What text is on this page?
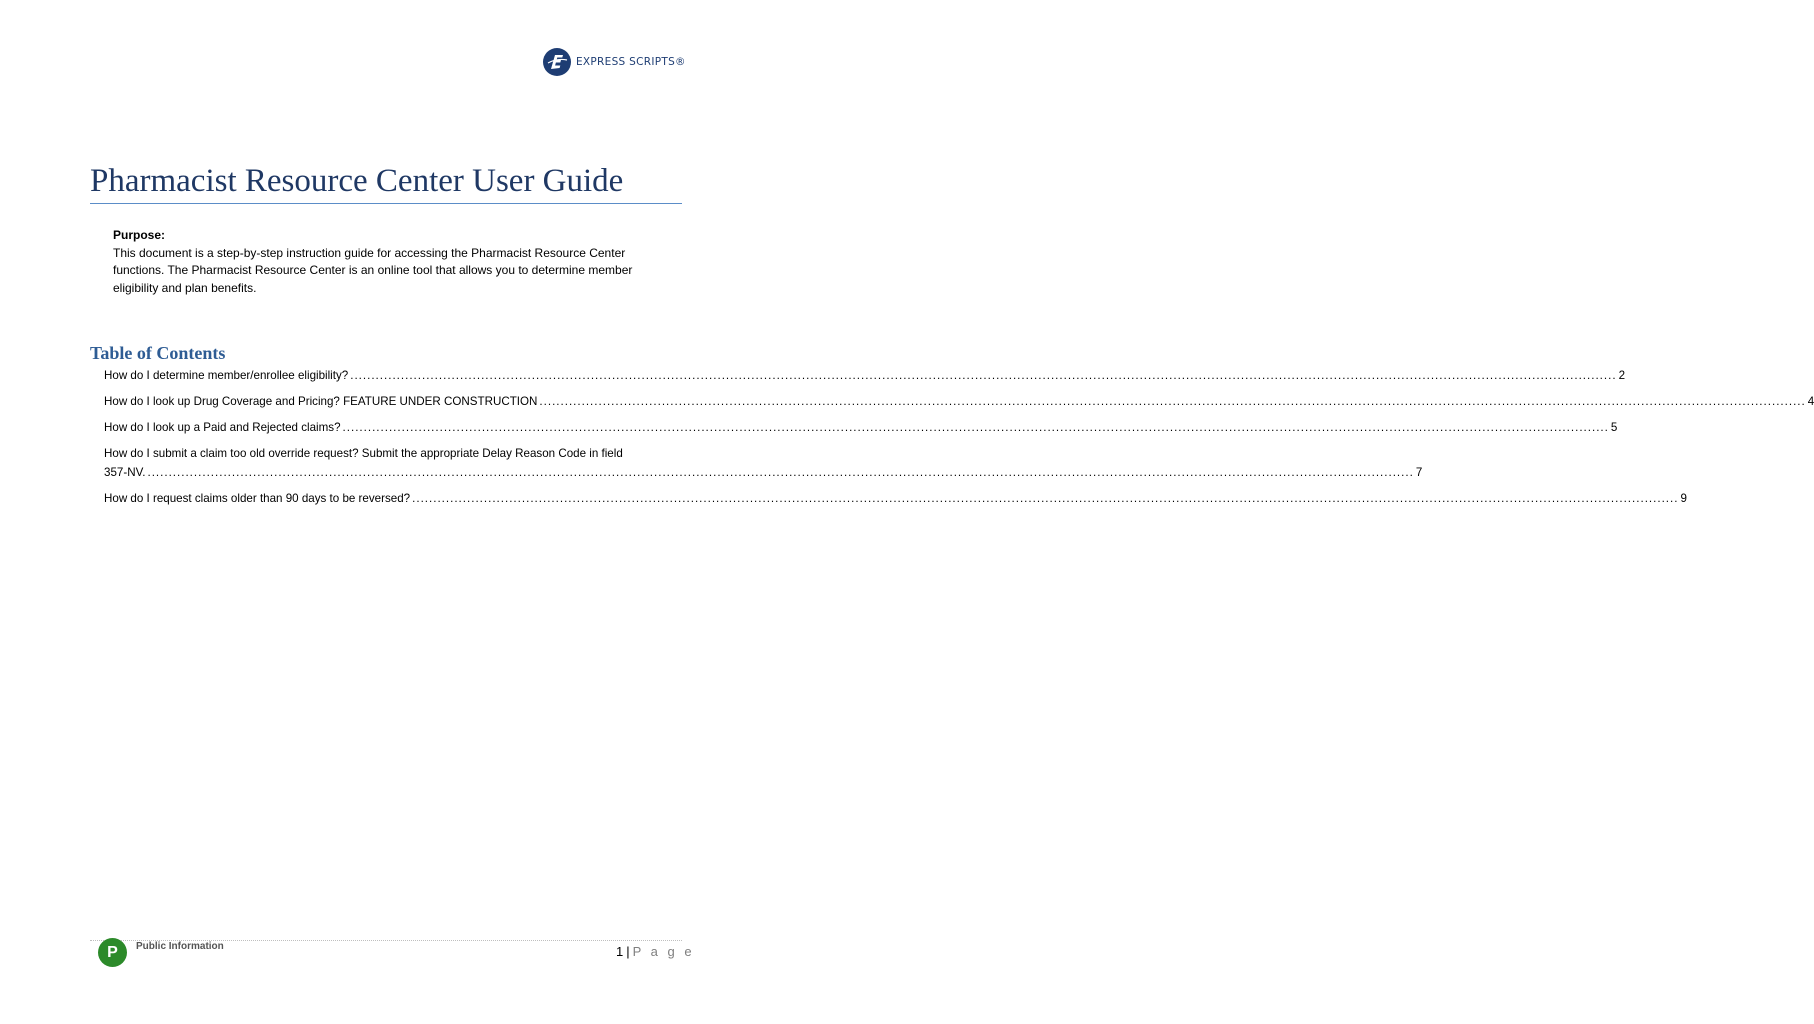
EXPRESS SCRIPTS®
Pharmacist Resource Center User Guide
Purpose:
This document is a step-by-step instruction guide for accessing the Pharmacist Resource Center functions. The Pharmacist Resource Center is an online tool that allows you to determine member eligibility and plan benefits.
Table of Contents
How do I determine member/enrollee eligibility? ............................................................................................................................................................................................................................................................................................................ 2
How do I look up Drug Coverage and Pricing? FEATURE UNDER CONSTRUCTION ............................................................................................................................................................................................................................................................................................................ 4
How do I look up a Paid and Rejected claims? ............................................................................................................................................................................................................................................................................................................ 5
How do I submit a claim too old override request? Submit the appropriate Delay Reason Code in field
357-NV. ............................................................................................................................................................................................................................................................................................................ 7
How do I request claims older than 90 days to be reversed? ............................................................................................................................................................................................................................................................................................................ 9
P	Public Information	1 | P a g e
